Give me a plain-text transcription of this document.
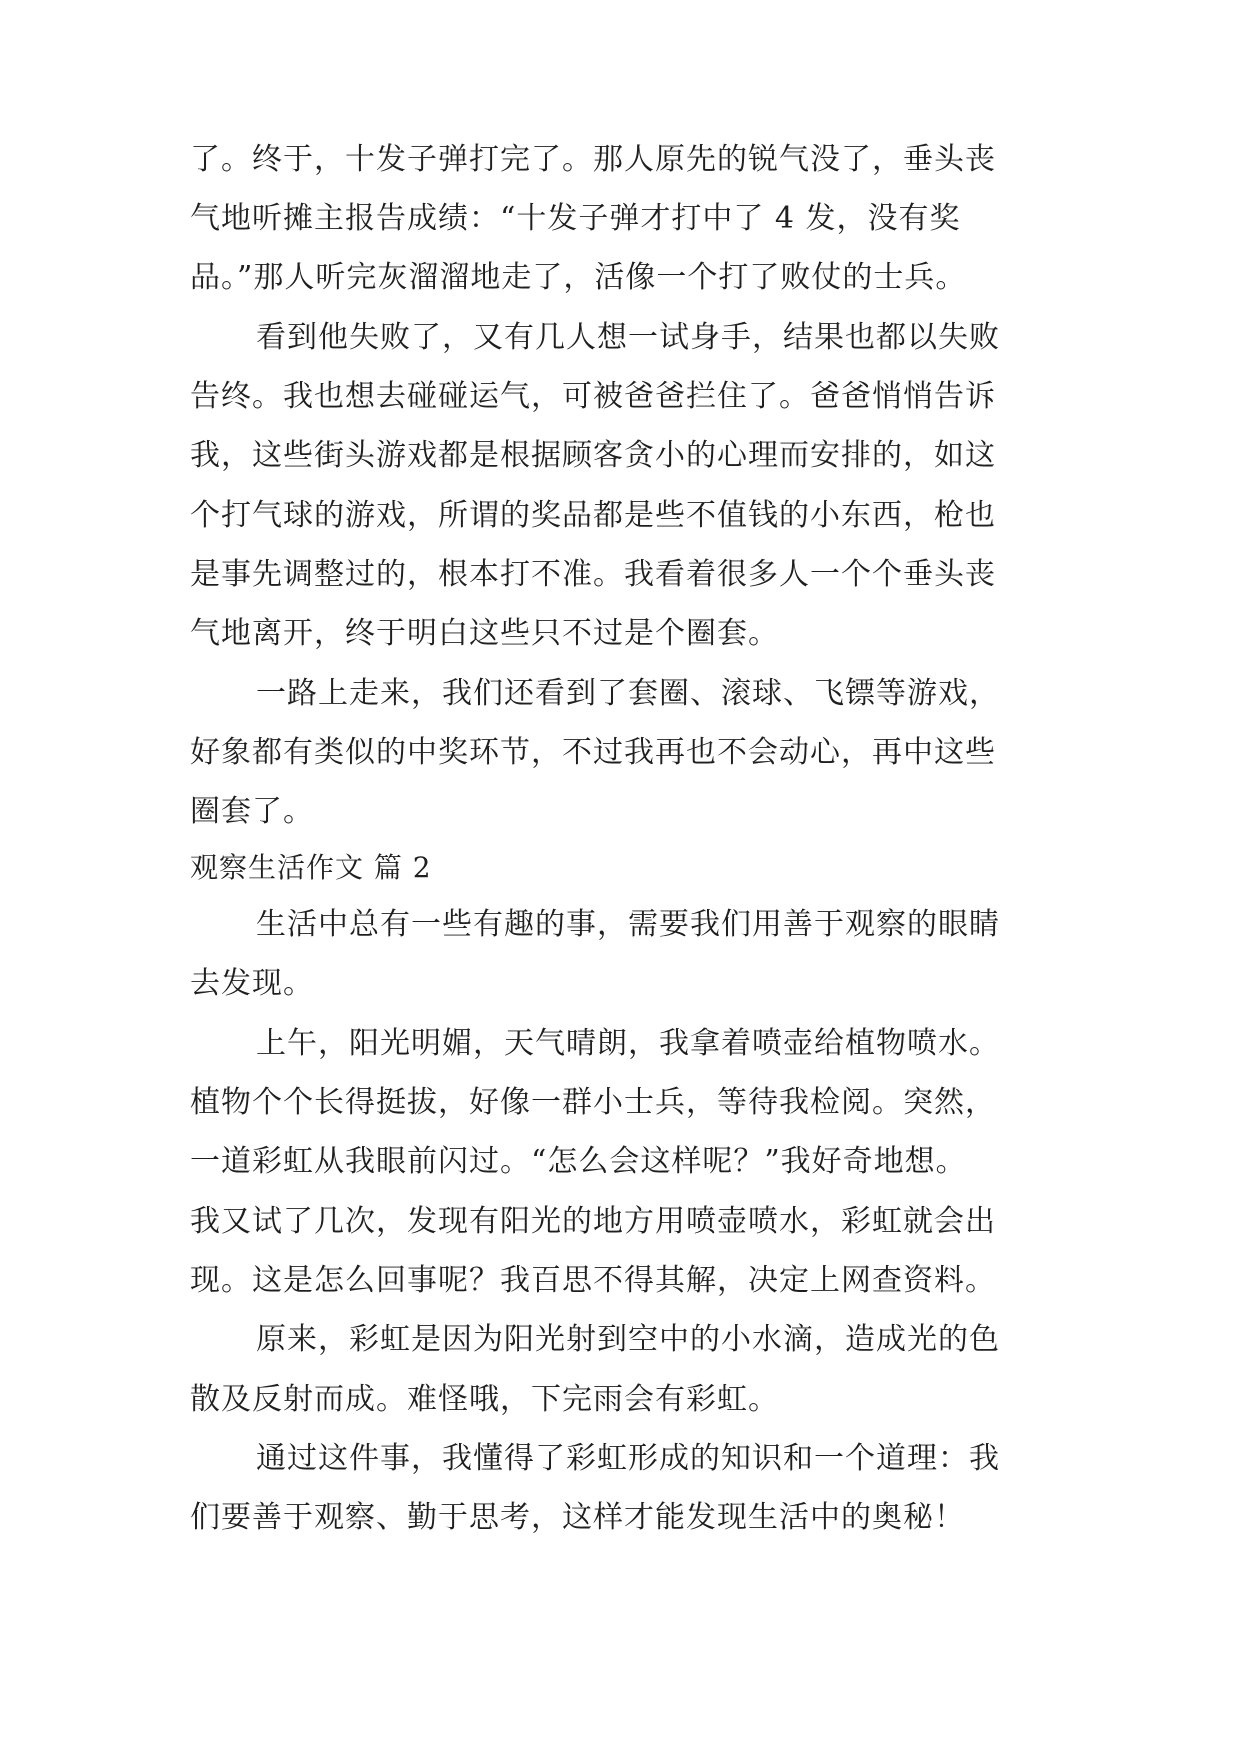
了。终于，十发子弹打完了。那人原先的锐气没了，垂头丧
气地听摊主报告成绩：“十发子弹才打中了 4 发，没有奖
品。”那人听完灰溜溜地走了，活像一个打了败仗的士兵。
看到他失败了，又有几人想一试身手，结果也都以失败
告终。我也想去碰碰运气，可被爸爸拦住了。爸爸悄悄告诉
我，这些街头游戏都是根据顾客贪小的心理而安排的，如这
个打气球的游戏，所谓的奖品都是些不值钱的小东西，枪也
是事先调整过的，根本打不准。我看着很多人一个个垂头丧
气地离开，终于明白这些只不过是个圈套。
一路上走来，我们还看到了套圈、滚球、飞镖等游戏，
好象都有类似的中奖环节，不过我再也不会动心，再中这些
圈套了。
观察生活作文 篇 2
生活中总有一些有趣的事，需要我们用善于观察的眼睛
去发现。
上午，阳光明媚，天气晴朗，我拿着喷壶给植物喷水。
植物个个长得挺拔，好像一群小士兵，等待我检阅。突然，
一道彩虹从我眼前闪过。“怎么会这样呢？”我好奇地想。
我又试了几次，发现有阳光的地方用喷壶喷水，彩虹就会出
现。这是怎么回事呢？我百思不得其解，决定上网查资料。
原来，彩虹是因为阳光射到空中的小水滴，造成光的色
散及反射而成。难怪哦，下完雨会有彩虹。
通过这件事，我懂得了彩虹形成的知识和一个道理：我
们要善于观察、勤于思考，这样才能发现生活中的奥秘！
